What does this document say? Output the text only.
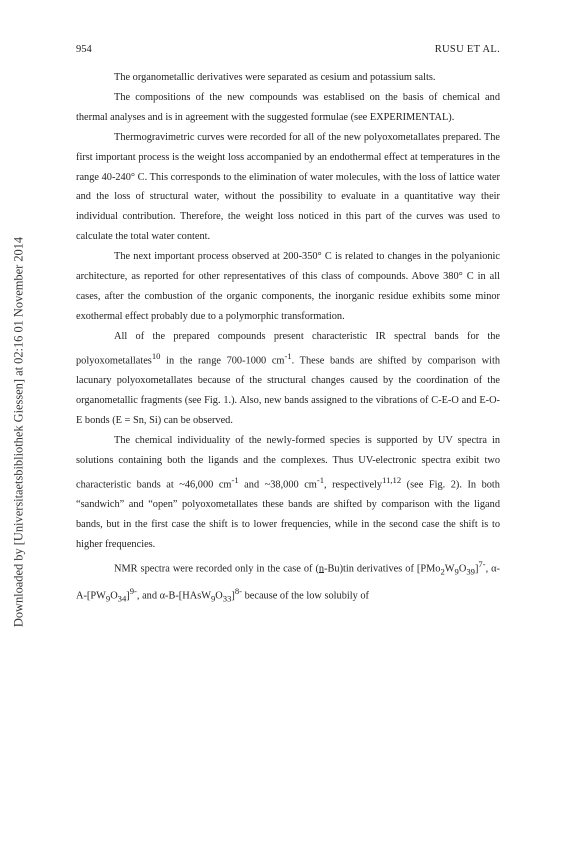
954	RUSU ET AL.
Downloaded by [Universitaetsbibliothek Giessen] at 02:16 01 November 2014

The organometallic derivatives were separated as cesium and potassium salts.

The compositions of the new compounds was establised on the basis of chemical and thermal analyses and is in agreement with the suggested formulae (see EXPERIMENTAL).

Thermogravimetric curves were recorded for all of the new polyoxometallates prepared. The first important process is the weight loss accompanied by an endothermal effect at temperatures in the range 40-240° C. This corresponds to the elimination of water molecules, with the loss of lattice water and the loss of structural water, without the possibility to evaluate in a quantitative way their individual contribution. Therefore, the weight loss noticed in this part of the curves was used to calculate the total water content.

The next important process observed at 200-350° C is related to changes in the polyanionic architecture, as reported for other representatives of this class of compounds. Above 380° C in all cases, after the combustion of the organic components, the inorganic residue exhibits some minor exothermal effect probably due to a polymorphic transformation.

All of the prepared compounds present characteristic IR spectral bands for the polyoxometallates$^{10}$ in the range 700-1000 $cm^{-1}$. These bands are shifted by comparison with lacunary polyoxometallates because of the structural changes caused by the coordination of the organometallic fragments (see Fig. 1.). Also, new bands assigned to the vibrations of C-E-O and E-O-E bonds (E = Sn, Si) can be observed.

The chemical individuality of the newly-formed species is supported by UV spectra in solutions containing both the ligands and the complexes. Thus UV-electronic spectra exibit two characteristic bands at ~46,000 $cm^{-1}$ and ~38,000 $cm^{-1}$, respectively$^{11,12}$ (see Fig. 2). In both “sandwich” and “open” polyoxometallates these bands are shifted by comparison with the ligand bands, but in the first case the shift is to lower frequencies, while in the second case the shift is to higher frequencies.

NMR spectra were recorded only in the case of (n-Bu)tin derivatives of $[PMo_2W_9O_{39}]^{7-}$, $\alpha-A-[PW_9O_{34}]^{9-}$, and $\alpha-B-[HAsW_9O_{33}]^{8-}$ because of the low solubily of
